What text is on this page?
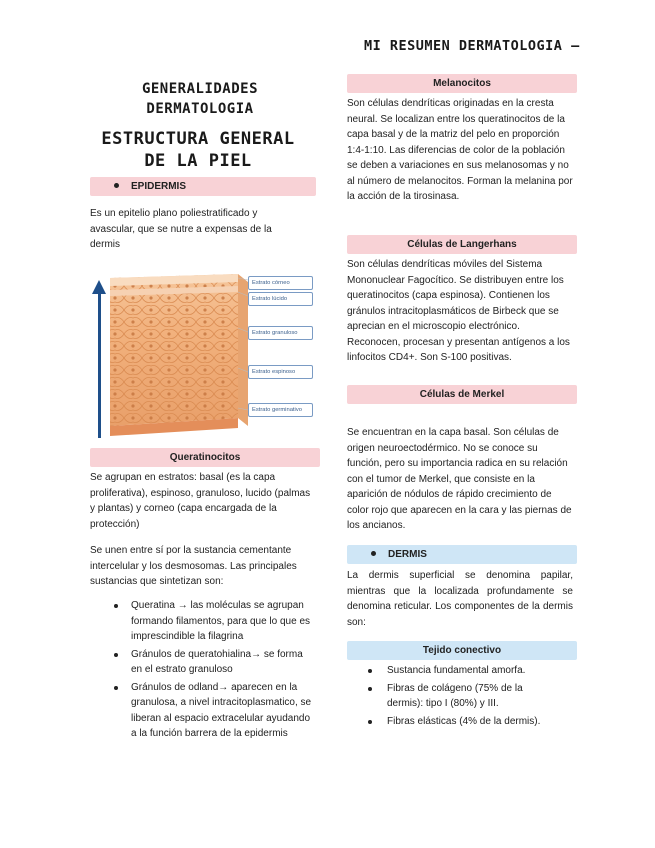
MI RESUMEN DERMATOLOGIA –
GENERALIDADES DERMATOLOGIA
ESTRUCTURA GENERAL DE LA PIEL
EPIDERMIS
Es un epitelio plano poliestratificado y avascular, que se nutre a expensas de la dermis
Estrato córneo
Estrato lúcido
Estrato granuloso
Estrato espinoso
Estrato germinativo
Queratinocitos
Se agrupan en estratos: basal (es la capa proliferativa), espinoso, granuloso, lucido (palmas y plantas) y corneo (capa encargada de la protección)
Se unen entre sí por la sustancia cementante intercelular y los desmosomas. Las principales sustancias que sintetizan son:
Queratina → las moléculas se agrupan formando filamentos, para que lo que es imprescindible la filagrina
Gránulos de queratohialina→ se forma en el estrato granuloso
Gránulos de odland→ aparecen en la granulosa, a nivel intracitoplasmatico, se liberan al espacio extracelular ayudando a la función barrera de la epidermis
Melanocitos
Son células dendríticas originadas en la cresta neural. Se localizan entre los queratinocitos de la capa basal y de la matriz del pelo en proporción 1:4-1:10. Las diferencias de color de la población se deben a variaciones en sus melanosomas y no al número de melanocitos. Forman la melanina por la acción de la tirosinasa.
Células de Langerhans
Son células dendríticas móviles del Sistema Mononuclear Fagocítico. Se distribuyen entre los queratinocitos (capa espinosa). Contienen los gránulos intracitoplasmáticos de Birbeck que se aprecian en el microscopio electrónico. Reconocen, procesan y presentan antígenos a los linfocitos CD4+. Son S-100 positivas.
Células de Merkel
Se encuentran en la capa basal. Son células de origen neuroectodérmico. No se conoce su función, pero su importancia radica en su relación con el tumor de Merkel, que consiste en la aparición de nódulos de rápido crecimiento de color rojo que aparecen en la cara y las piernas de los ancianos.
DERMIS
La dermis superficial se denomina papilar, mientras que la localizada profundamente se denomina reticular. Los componentes de la dermis son:
Tejido conectivo
Sustancia fundamental amorfa.
Fibras de colágeno (75% de la dermis): tipo I (80%) y III.
Fibras elásticas (4% de la dermis).
